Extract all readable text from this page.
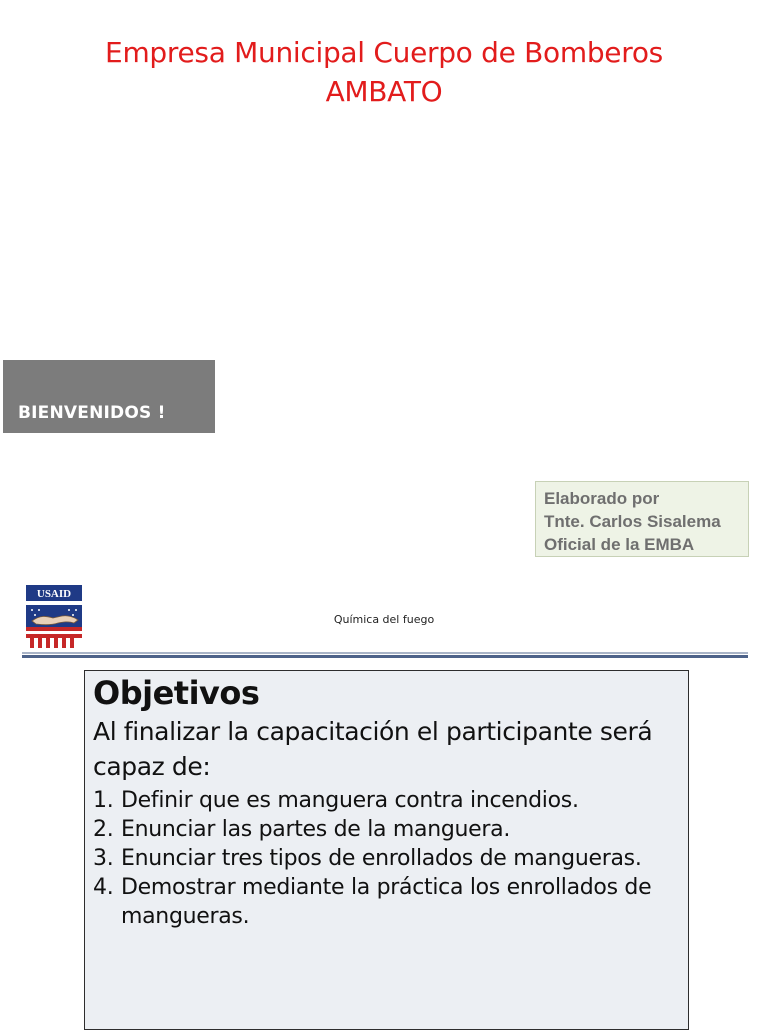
Empresa Municipal Cuerpo de Bomberos
AMBATO
BIENVENIDOS !
Elaborado por
Tnte. Carlos Sisalema
Oficial de la EMBA
USAID
Química del fuego
Objetivos
Al finalizar la capacitación el participante será capaz de:
1. Definir que es manguera contra incendios.
2. Enunciar las partes de la manguera.
3. Enunciar tres tipos de enrollados de mangueras.
4. Demostrar mediante la práctica los enrollados de mangueras.
